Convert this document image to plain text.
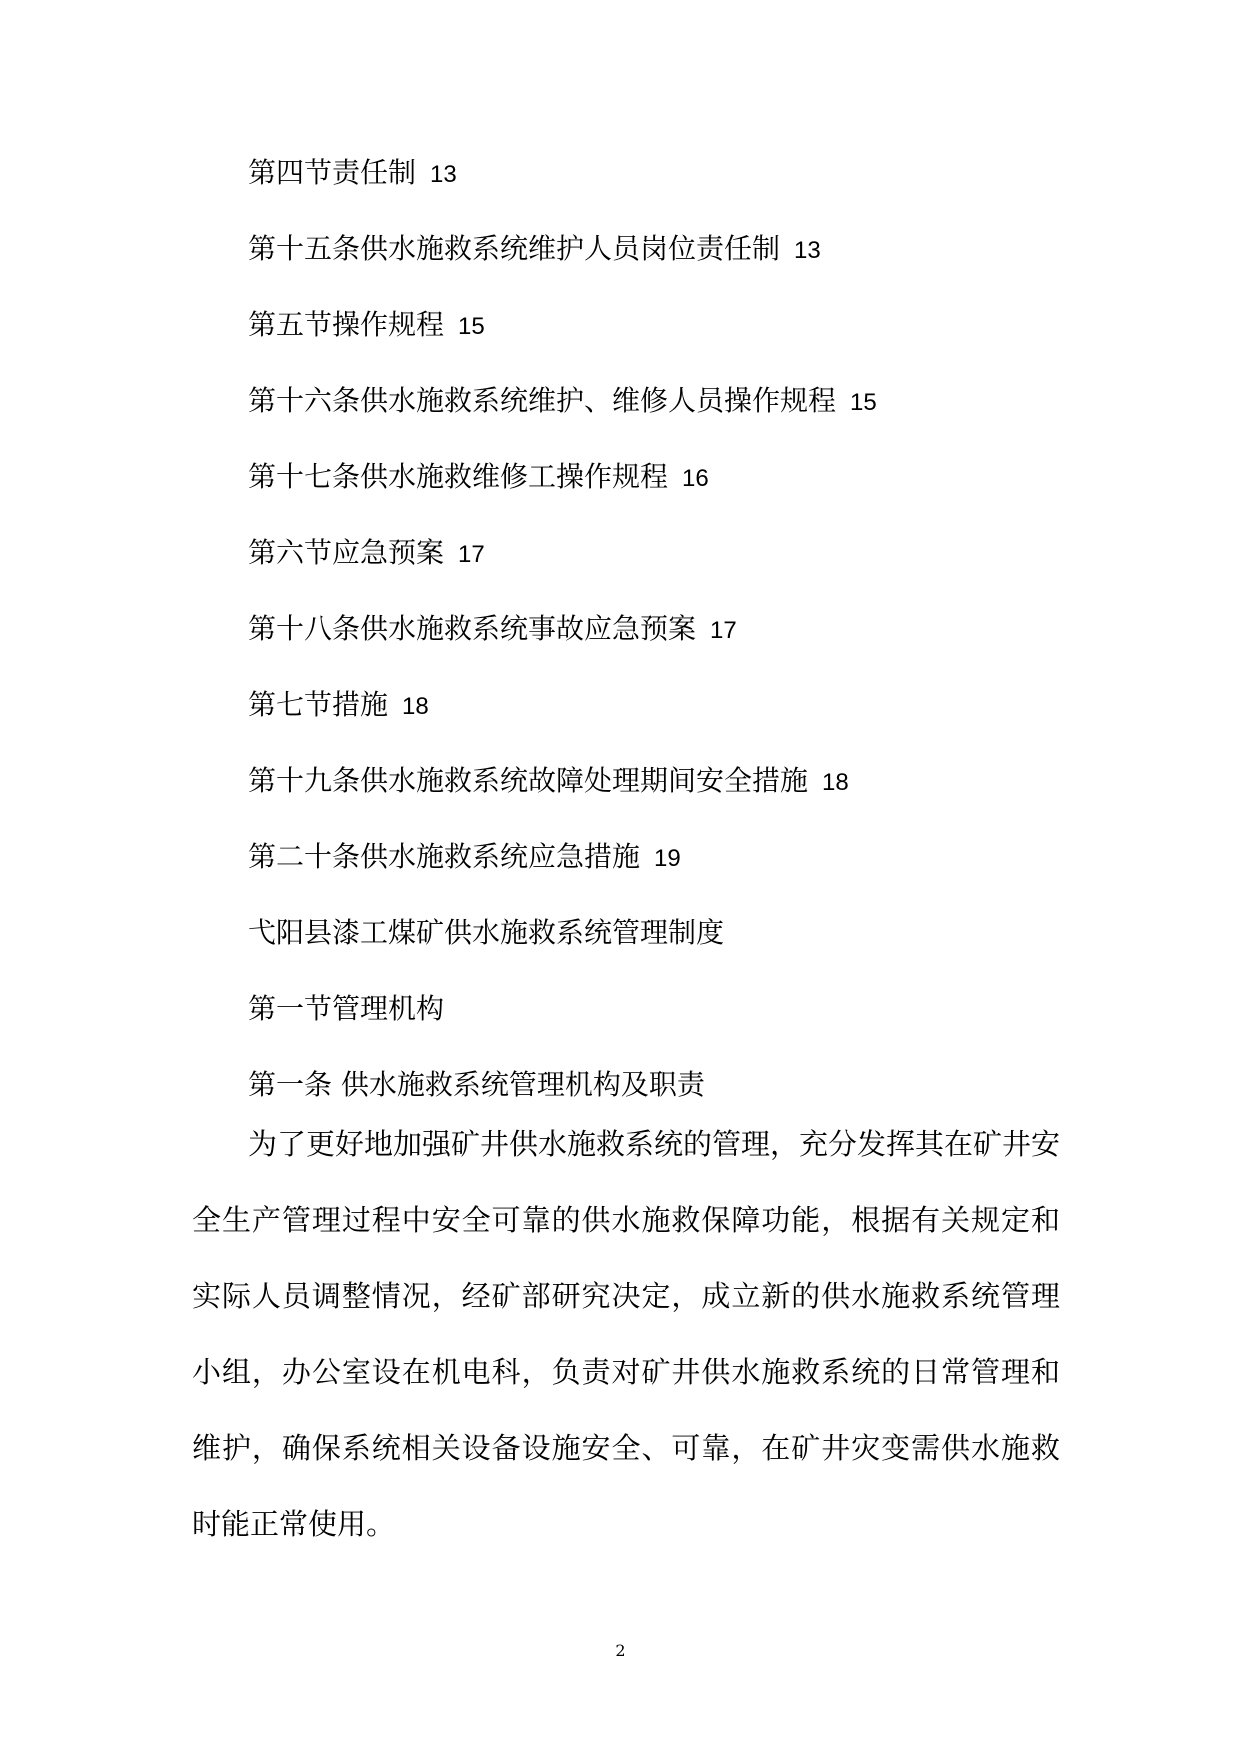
第四节责任制 13
第十五条供水施救系统维护人员岗位责任制 13
第五节操作规程 15
第十六条供水施救系统维护、维修人员操作规程 15
第十七条供水施救维修工操作规程 16
第六节应急预案 17
第十八条供水施救系统事故应急预案 17
第七节措施 18
第十九条供水施救系统故障处理期间安全措施 18
第二十条供水施救系统应急措施 19
弋阳县漆工煤矿供水施救系统管理制度
第一节管理机构
第一条 供水施救系统管理机构及职责

为了更好地加强矿井供水施救系统的管理，充分发挥其在矿井安全生产管理过程中安全可靠的供水施救保障功能，根据有关规定和实际人员调整情况，经矿部研究决定，成立新的供水施救系统管理小组，办公室设在机电科，负责对矿井供水施救系统的日常管理和维护，确保系统相关设备设施安全、可靠，在矿井灾变需供水施救时能正常使用。

2
